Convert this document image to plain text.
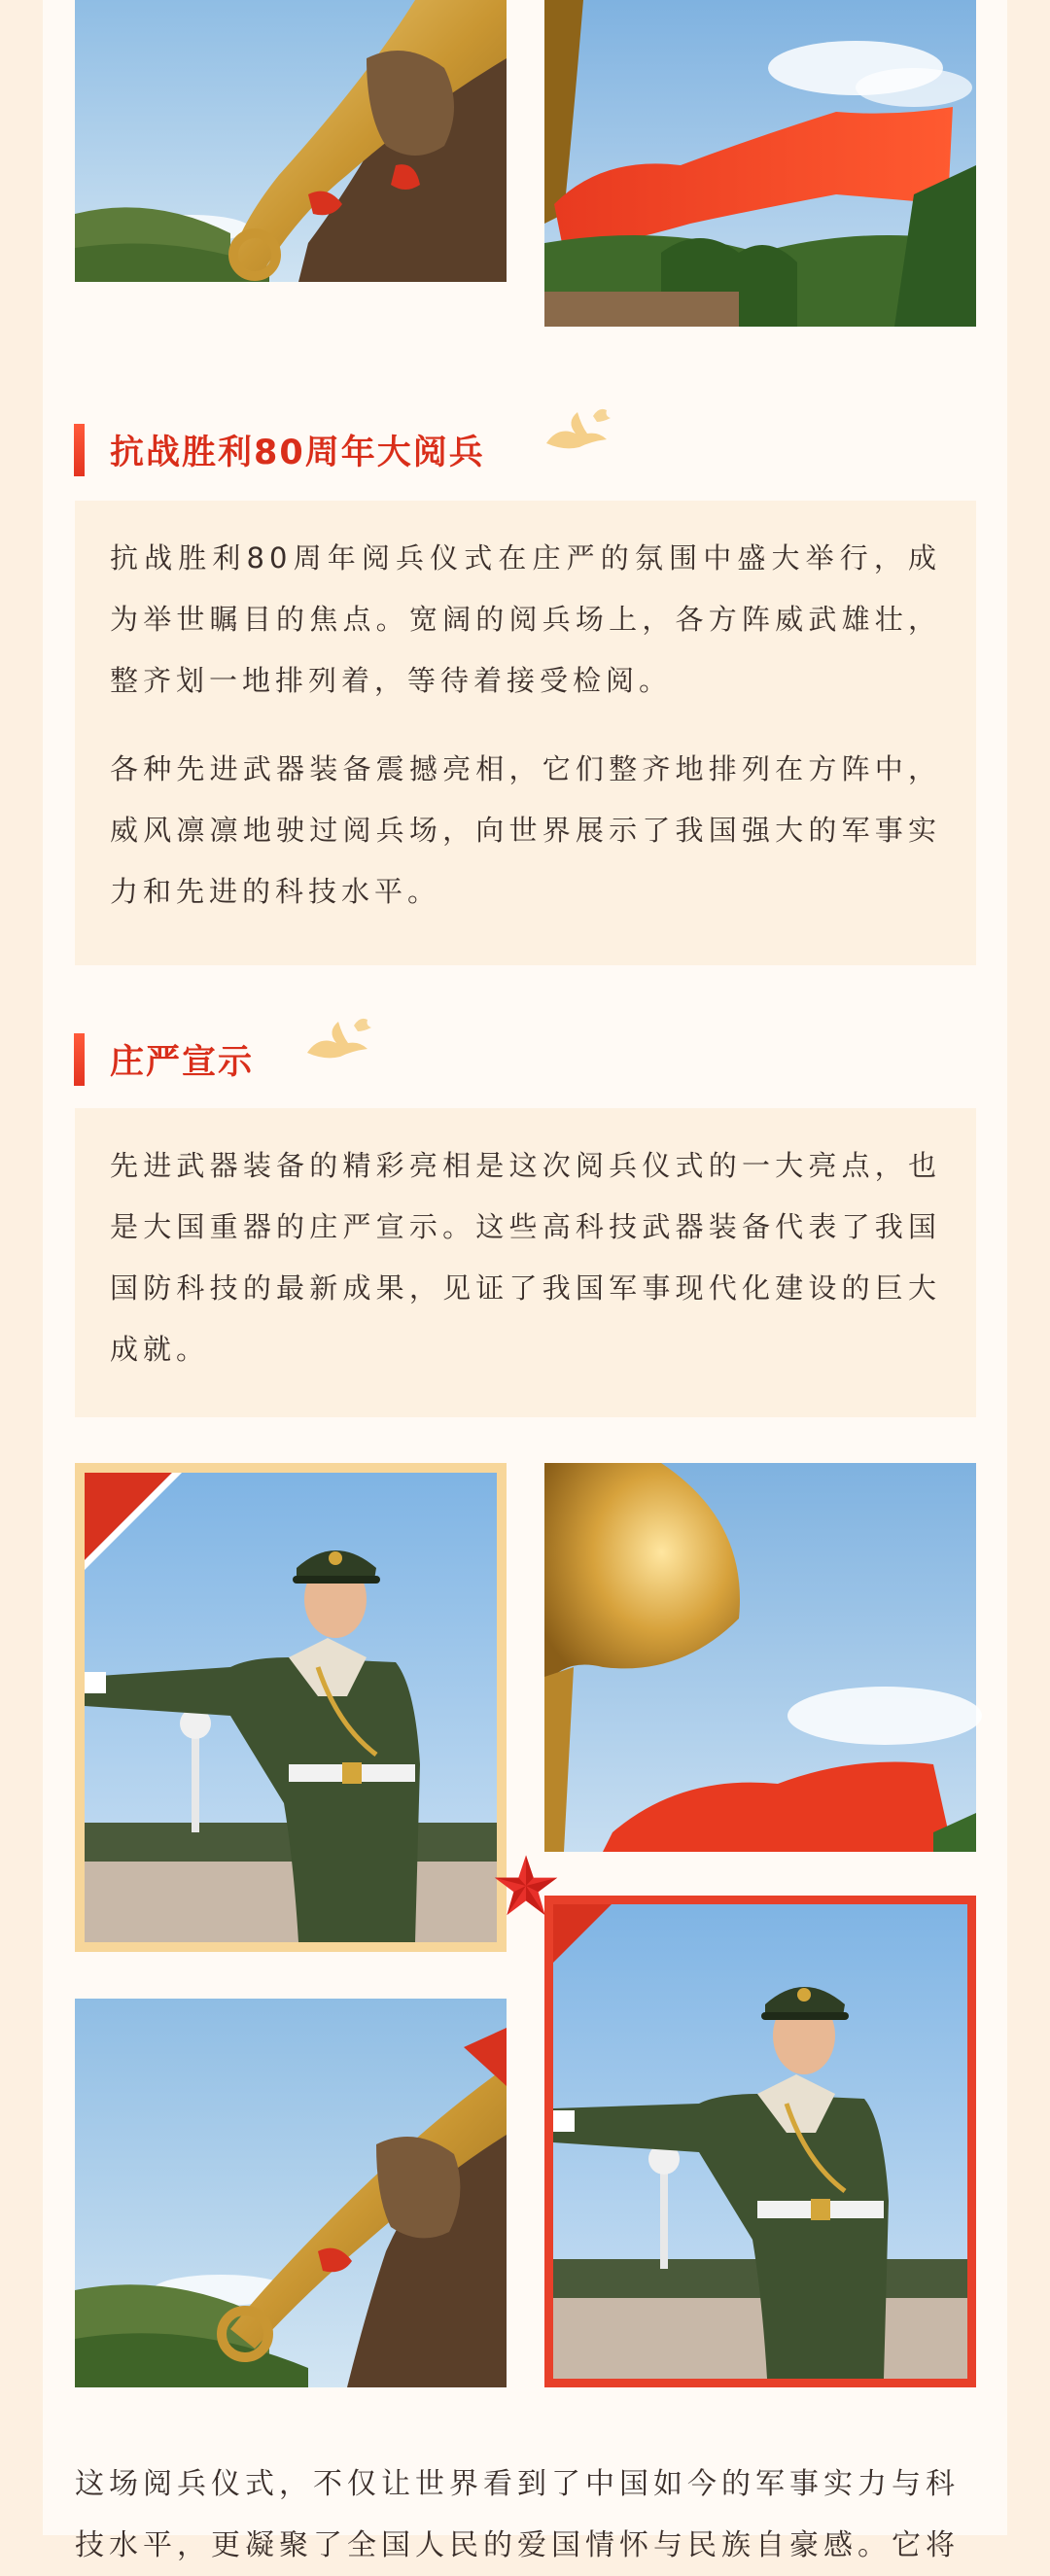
抗战胜利80周年大阅兵

抗战胜利80周年阅兵仪式在庄严的氛围中盛大举行，成为举世瞩目的焦点。宽阔的阅兵场上，各方阵威武雄壮，整齐划一地排列着，等待着接受检阅。

各种先进武器装备震撼亮相，它们整齐地排列在方阵中，威风凛凛地驶过阅兵场，向世界展示了我国强大的军事实力和先进的科技水平。

庄严宣示

先进武器装备的精彩亮相是这次阅兵仪式的一大亮点，也是大国重器的庄严宣示。这些高科技武器装备代表了我国国防科技的最新成果，见证了我国军事现代化建设的巨大成就。

这场阅兵仪式，不仅让世界看到了中国如今的军事实力与科技水平，更凝聚了全国人民的爱国情怀与民族自豪感。它将
